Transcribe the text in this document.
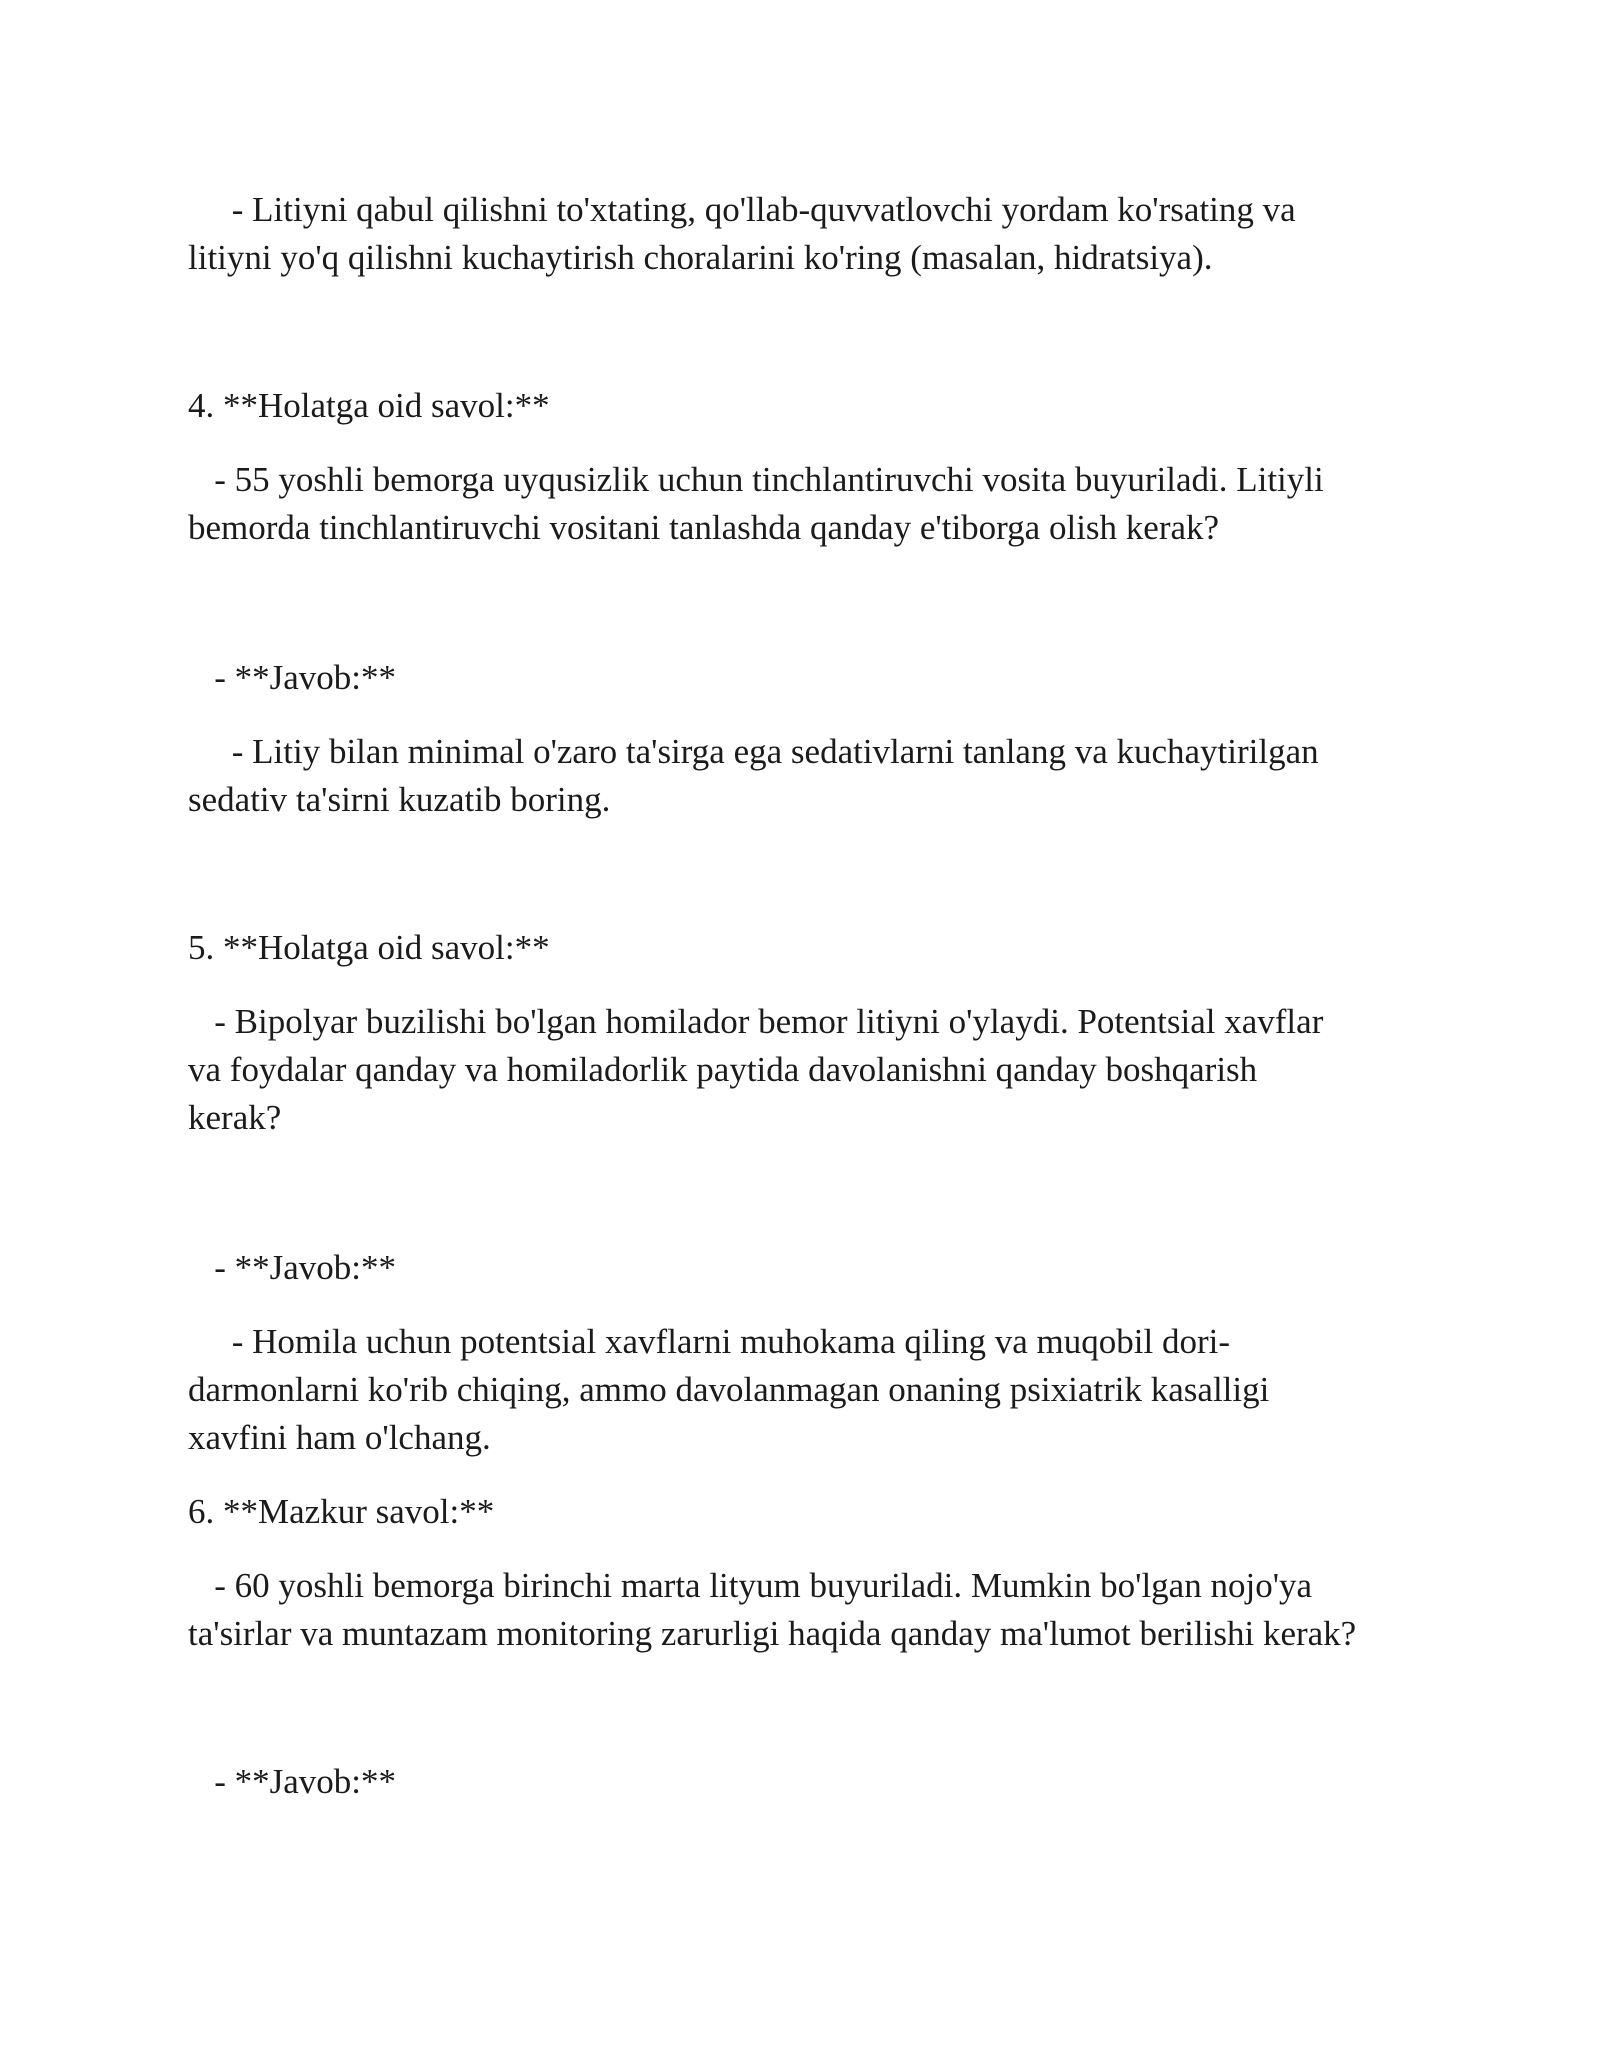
- Litiyni qabul qilishni to'xtating, qo'llab-quvvatlovchi yordam ko'rsating va

litiyni yo'q qilishni kuchaytirish choralarini ko'ring (masalan, hidratsiya).

4. **Holatga oid savol:**

- 55 yoshli bemorga uyqusizlik uchun tinchlantiruvchi vosita buyuriladi. Litiyli

bemorda tinchlantiruvchi vositani tanlashda qanday e'tiborga olish kerak?

- **Javob:**

- Litiy bilan minimal o'zaro ta'sirga ega sedativlarni tanlang va kuchaytirilgan

sedativ ta'sirni kuzatib boring.

5. **Holatga oid savol:**

- Bipolyar buzilishi bo'lgan homilador bemor litiyni o'ylaydi. Potentsial xavflar

va foydalar qanday va homiladorlik paytida davolanishni qanday boshqarish

kerak?

- **Javob:**

- Homila uchun potentsial xavflarni muhokama qiling va muqobil dori-

darmonlarni ko'rib chiqing, ammo davolanmagan onaning psixiatrik kasalligi

xavfini ham o'lchang.

6. **Mazkur savol:**

- 60 yoshli bemorga birinchi marta lityum buyuriladi. Mumkin bo'lgan nojo'ya

ta'sirlar va muntazam monitoring zarurligi haqida qanday ma'lumot berilishi kerak?

- **Javob:**
